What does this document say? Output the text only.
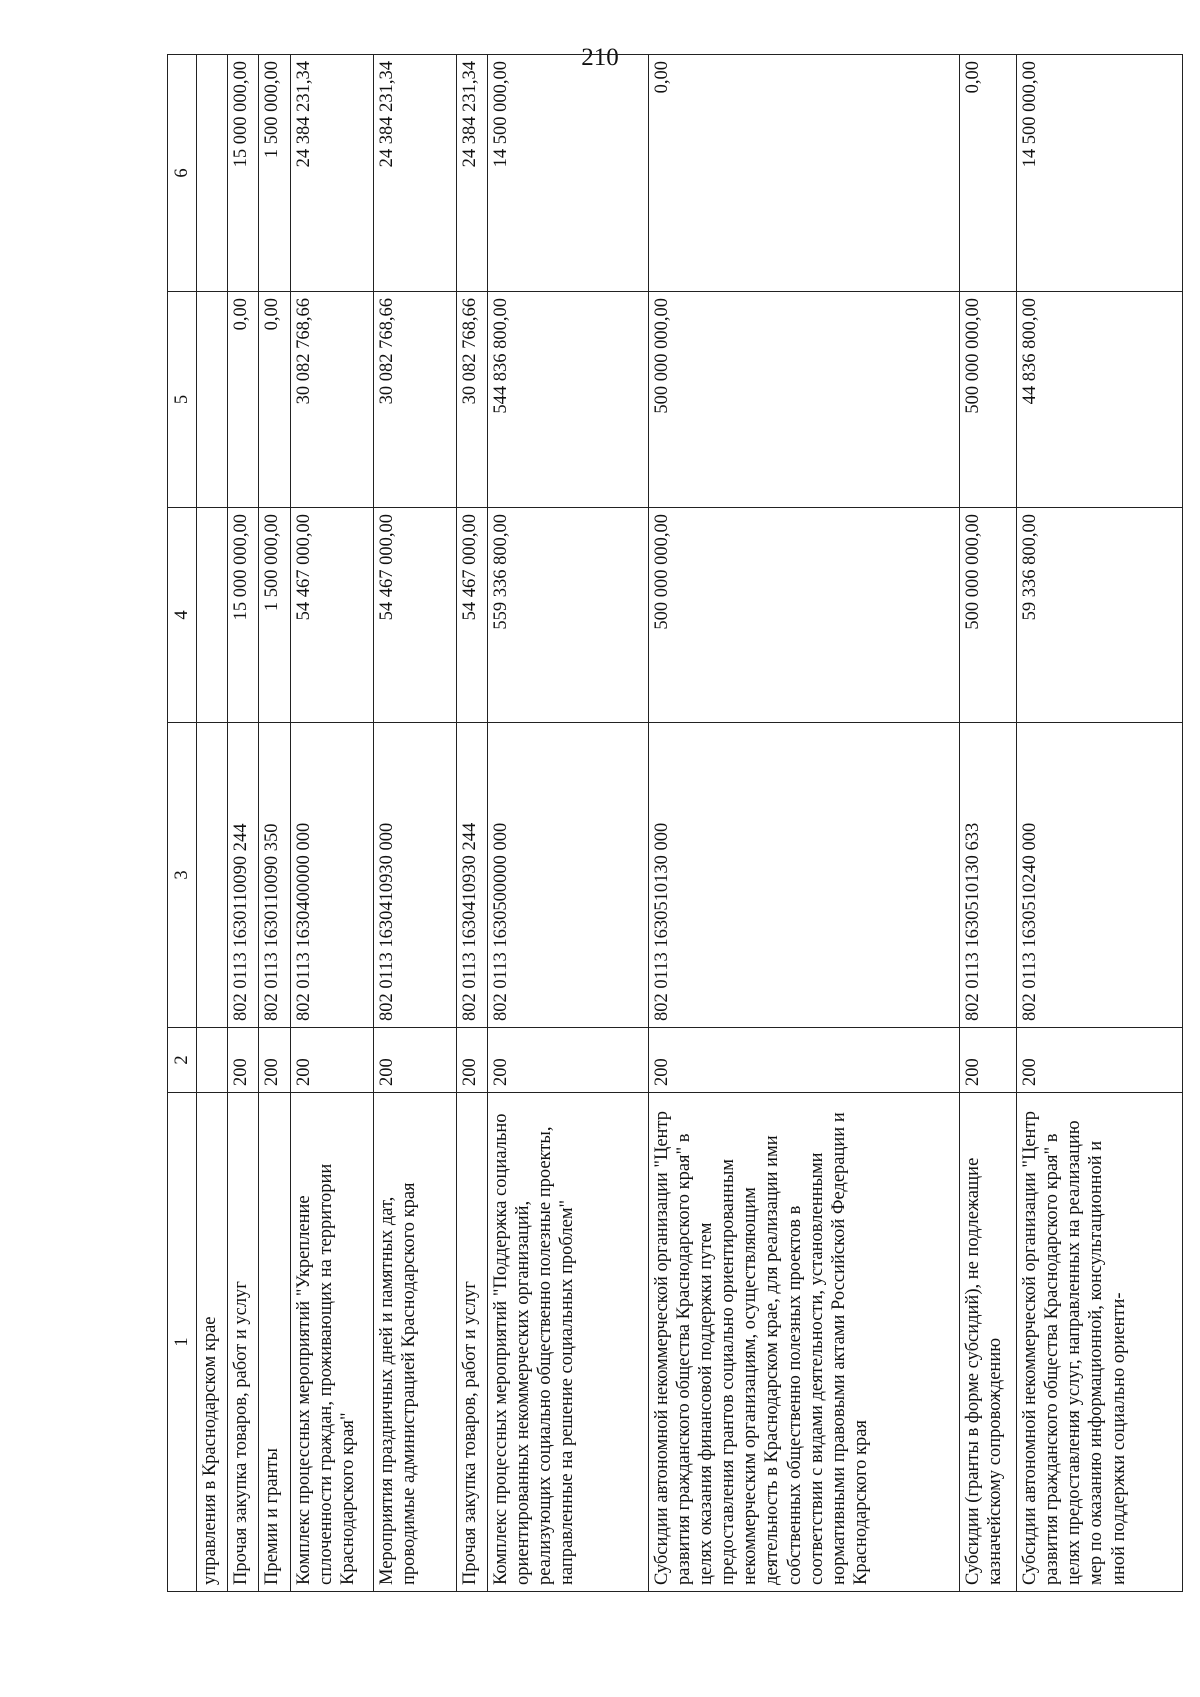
210
1	2	3	4	5	6
управления в Краснодарском крае					
Прочая закупка товаров, работ и услуг	200	802 0113 1630110090 244	15 000 000,00	0,00	15 000 000,00
Премии и гранты	200	802 0113 1630110090 350	1 500 000,00	0,00	1 500 000,00
Комплекс процессных мероприятий "Укрепление сплоченности граждан, проживающих на территории Краснодарского края"	200	802 0113 1630400000 000	54 467 000,00	30 082 768,66	24 384 231,34
Мероприятия праздничных дней и памятных дат, проводимые администрацией Краснодарского края	200	802 0113 1630410930 000	54 467 000,00	30 082 768,66	24 384 231,34
Прочая закупка товаров, работ и услуг	200	802 0113 1630410930 244	54 467 000,00	30 082 768,66	24 384 231,34
Комплекс процессных мероприятий "Поддержка социально ориентированных некоммерческих организаций, реализующих социально общественно полезные проекты, направленные на решение социальных проблем"	200	802 0113 1630500000 000	559 336 800,00	544 836 800,00	14 500 000,00
Субсидии автономной некоммерческой организации "Центр развития гражданского общества Краснодарского края" в целях оказания финансовой поддержки путем предоставления грантов социально ориентированным некоммерческим организациям, осуществляющим деятельность в Краснодарском крае, для реализации ими собственных общественно полезных проектов в соответствии с видами деятельности, установленными нормативными правовыми актами Российской Федерации и Краснодарского края	200	802 0113 1630510130 000	500 000 000,00	500 000 000,00	0,00
Субсидии (гранты в форме субсидий), не подлежащие казначейскому сопровождению	200	802 0113 1630510130 633	500 000 000,00	500 000 000,00	0,00
Субсидии автономной некоммерческой организации "Центр развития гражданского общества Краснодарского края" в целях предоставления услуг, направленных на реализацию мер по оказанию информационной, консультационной и иной поддержки социально ориенти-	200	802 0113 1630510240 000	59 336 800,00	44 836 800,00	14 500 000,00
